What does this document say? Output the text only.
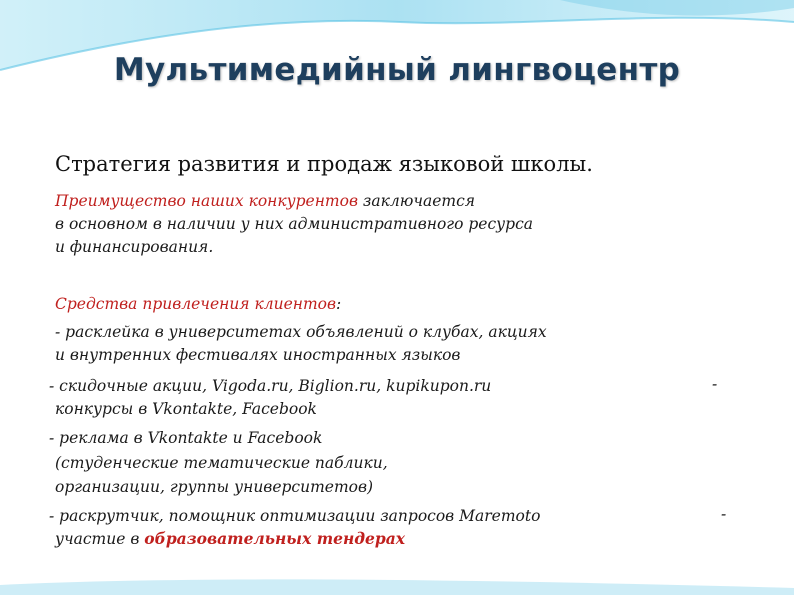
Мультимедийный лингвоцентр
Стратегия развития и продаж языковой школы.
Преимущество наших конкурентов заключается
в основном в наличии у них административного ресурса
и финансирования.
Средства привлечения клиентов:
- расклейка в университетах объявлений о клубах, акциях
и внутренних фестивалях иностранных языков
- скидочные акции, Vigoda.ru, Biglion.ru, kupikupon.ru
конкурсы в Vkontakte, Facebook
- реклама в Vkontakte и Facebook
(студенческие тематические паблики,
организации, группы университетов)
- раскрутчик, помощник оптимизации запросов Maremoto
участие в образовательных тендерах
-
-
